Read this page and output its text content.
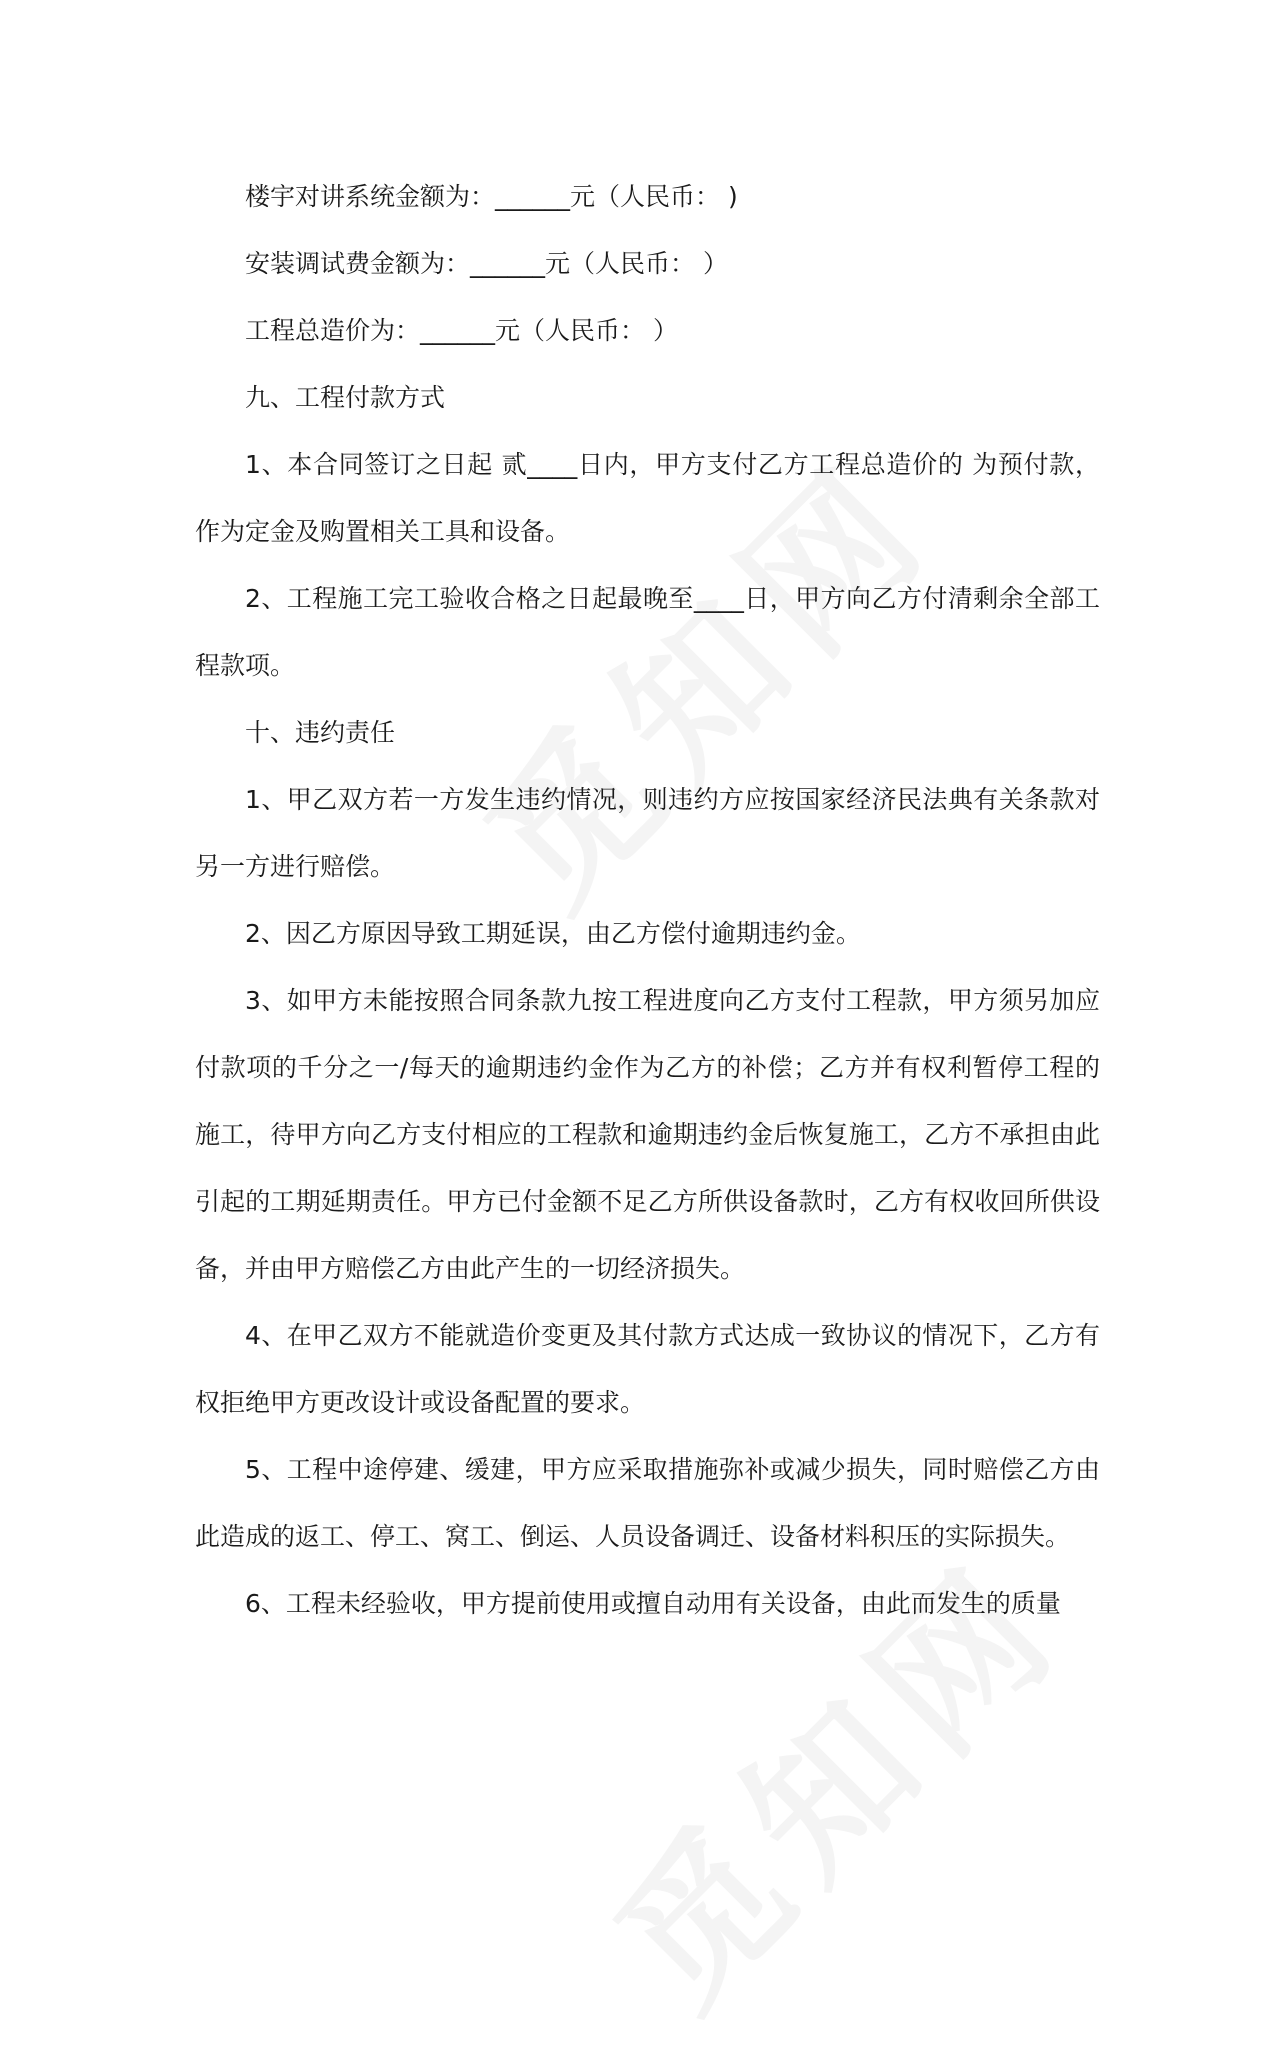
楼宇对讲系统金额为：______元（人民币： )

安装调试费金额为：______元（人民币： ）

工程总造价为：______元（人民币： ）

九、工程付款方式

1、本合同签订之日起 贰____日内，甲方支付乙方工程总造价的 为预付款，作为定金及购置相关工具和设备。

2、工程施工完工验收合格之日起最晚至____日，甲方向乙方付清剩余全部工程款项。

十、违约责任

1、甲乙双方若一方发生违约情况，则违约方应按国家经济民法典有关条款对另一方进行赔偿。

2、因乙方原因导致工期延误，由乙方偿付逾期违约金。

3、如甲方未能按照合同条款九按工程进度向乙方支付工程款，甲方须另加应付款项的千分之一/每天的逾期违约金作为乙方的补偿；乙方并有权利暂停工程的施工，待甲方向乙方支付相应的工程款和逾期违约金后恢复施工，乙方不承担由此引起的工期延期责任。甲方已付金额不足乙方所供设备款时，乙方有权收回所供设备，并由甲方赔偿乙方由此产生的一切经济损失。

4、在甲乙双方不能就造价变更及其付款方式达成一致协议的情况下，乙方有权拒绝甲方更改设计或设备配置的要求。

5、工程中途停建、缓建，甲方应采取措施弥补或减少损失，同时赔偿乙方由此造成的返工、停工、窝工、倒运、人员设备调迁、设备材料积压的实际损失。

6、工程未经验收，甲方提前使用或擅自动用有关设备，由此而发生的质量
